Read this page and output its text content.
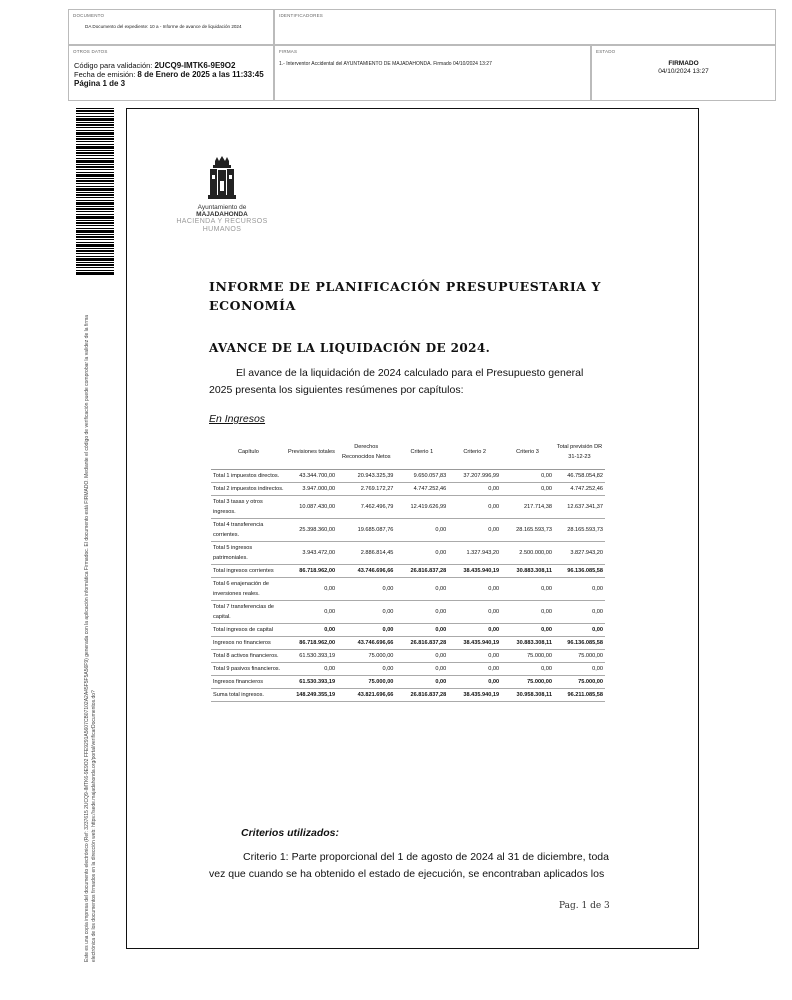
DOCUMENTO
DA Documento del expediente: 10 a - Informe de avance de liquidación 2024
IDENTIFICADORES
OTROS DATOS
Código para validación: 2UCQ9-IMTK6-9E9O2
Fecha de emisión: 8 de Enero de 2025 a las 11:33:45
Página 1 de 3
FIRMAS
1.- Interventor Accidental del AYUNTAMIENTO DE MAJADAHONDA. Firmado 04/10/2024 13:27
ESTADO
FIRMADO
04/10/2024 13:27
Este es una copia impresa del documento electrónico (Ref: 3237615 2UCQ9-IMTK6-9E9O2 FFE9291A5607CB07102A2A45F5F5A56F9) generada con la aplicación informática Firmadoc. El documento está FIRMADO. Mediante el código de verificación puede comprobar la validez de la firma electrónica de los documentos firmados en la dirección web: https://sede.majadahonda.org/portal/verificarDocumentos.do?
Ayuntamiento de
MAJADAHONDA
HACIENDA Y RECURSOS
HUMANOS
INFORME DE PLANIFICACIÓN PRESUPUESTARIA Y ECONOMÍA
AVANCE DE LA LIQUIDACIÓN DE 2024.
El avance de la liquidación de 2024 calculado para el Presupuesto general 2025 presenta los siguientes resúmenes por capítulos:
En Ingresos
Capítulo	Previsiones totales	Derechos Reconocidos Netos	Criterio 1	Criterio 2	Criterio 3	Total previsión DR 31-12-23
Total 1 impuestos directos.	43.344.700,00	20.943.325,39	9.650.057,83	37.207.996,99	0,00	46.758.054,82
Total 2 impuestos indirectos.	3.947.000,00	2.769.172,27	4.747.252,46	0,00	0,00	4.747.252,46
Total 3 tasas y otros ingresos.	10.087.430,00	7.462.496,79	12.419.626,99	0,00	217.714,38	12.637.341,37
Total 4 transferencia corrientes.	25.398.360,00	19.685.087,76	0,00	0,00	28.165.593,73	28.165.593,73
Total 5 ingresos patrimoniales.	3.943.472,00	2.886.814,45	0,00	1.327.943,20	2.500.000,00	3.827.943,20
Total ingresos corrientes	86.718.962,00	43.746.696,66	26.816.837,28	38.435.940,19	30.883.308,11	96.136.085,58
Total 6 enajenación de inversiones reales.	0,00	0,00	0,00	0,00	0,00	0,00
Total 7 transferencias de capital.	0,00	0,00	0,00	0,00	0,00	0,00
Total ingresos de capital	0,00	0,00	0,00	0,00	0,00	0,00
Ingresos no financieros	86.718.962,00	43.746.696,66	26.816.837,28	38.435.940,19	30.883.308,11	96.136.085,58
Total 8 activos financieros.	61.530.393,19	75.000,00	0,00	0,00	75.000,00	75.000,00
Total 9 pasivos financieros.	0,00	0,00	0,00	0,00	0,00	0,00
Ingresos financieros	61.530.393,19	75.000,00	0,00	0,00	75.000,00	75.000,00
Suma total ingresos.	148.249.355,19	43.821.696,66	26.816.837,28	38.435.940,19	30.958.308,11	96.211.085,58
Criterios utilizados:
Criterio 1: Parte proporcional del 1 de agosto de 2024 al 31 de diciembre, toda vez que cuando se ha obtenido el estado de ejecución, se encontraban aplicados los
Pag. 1 de 3
